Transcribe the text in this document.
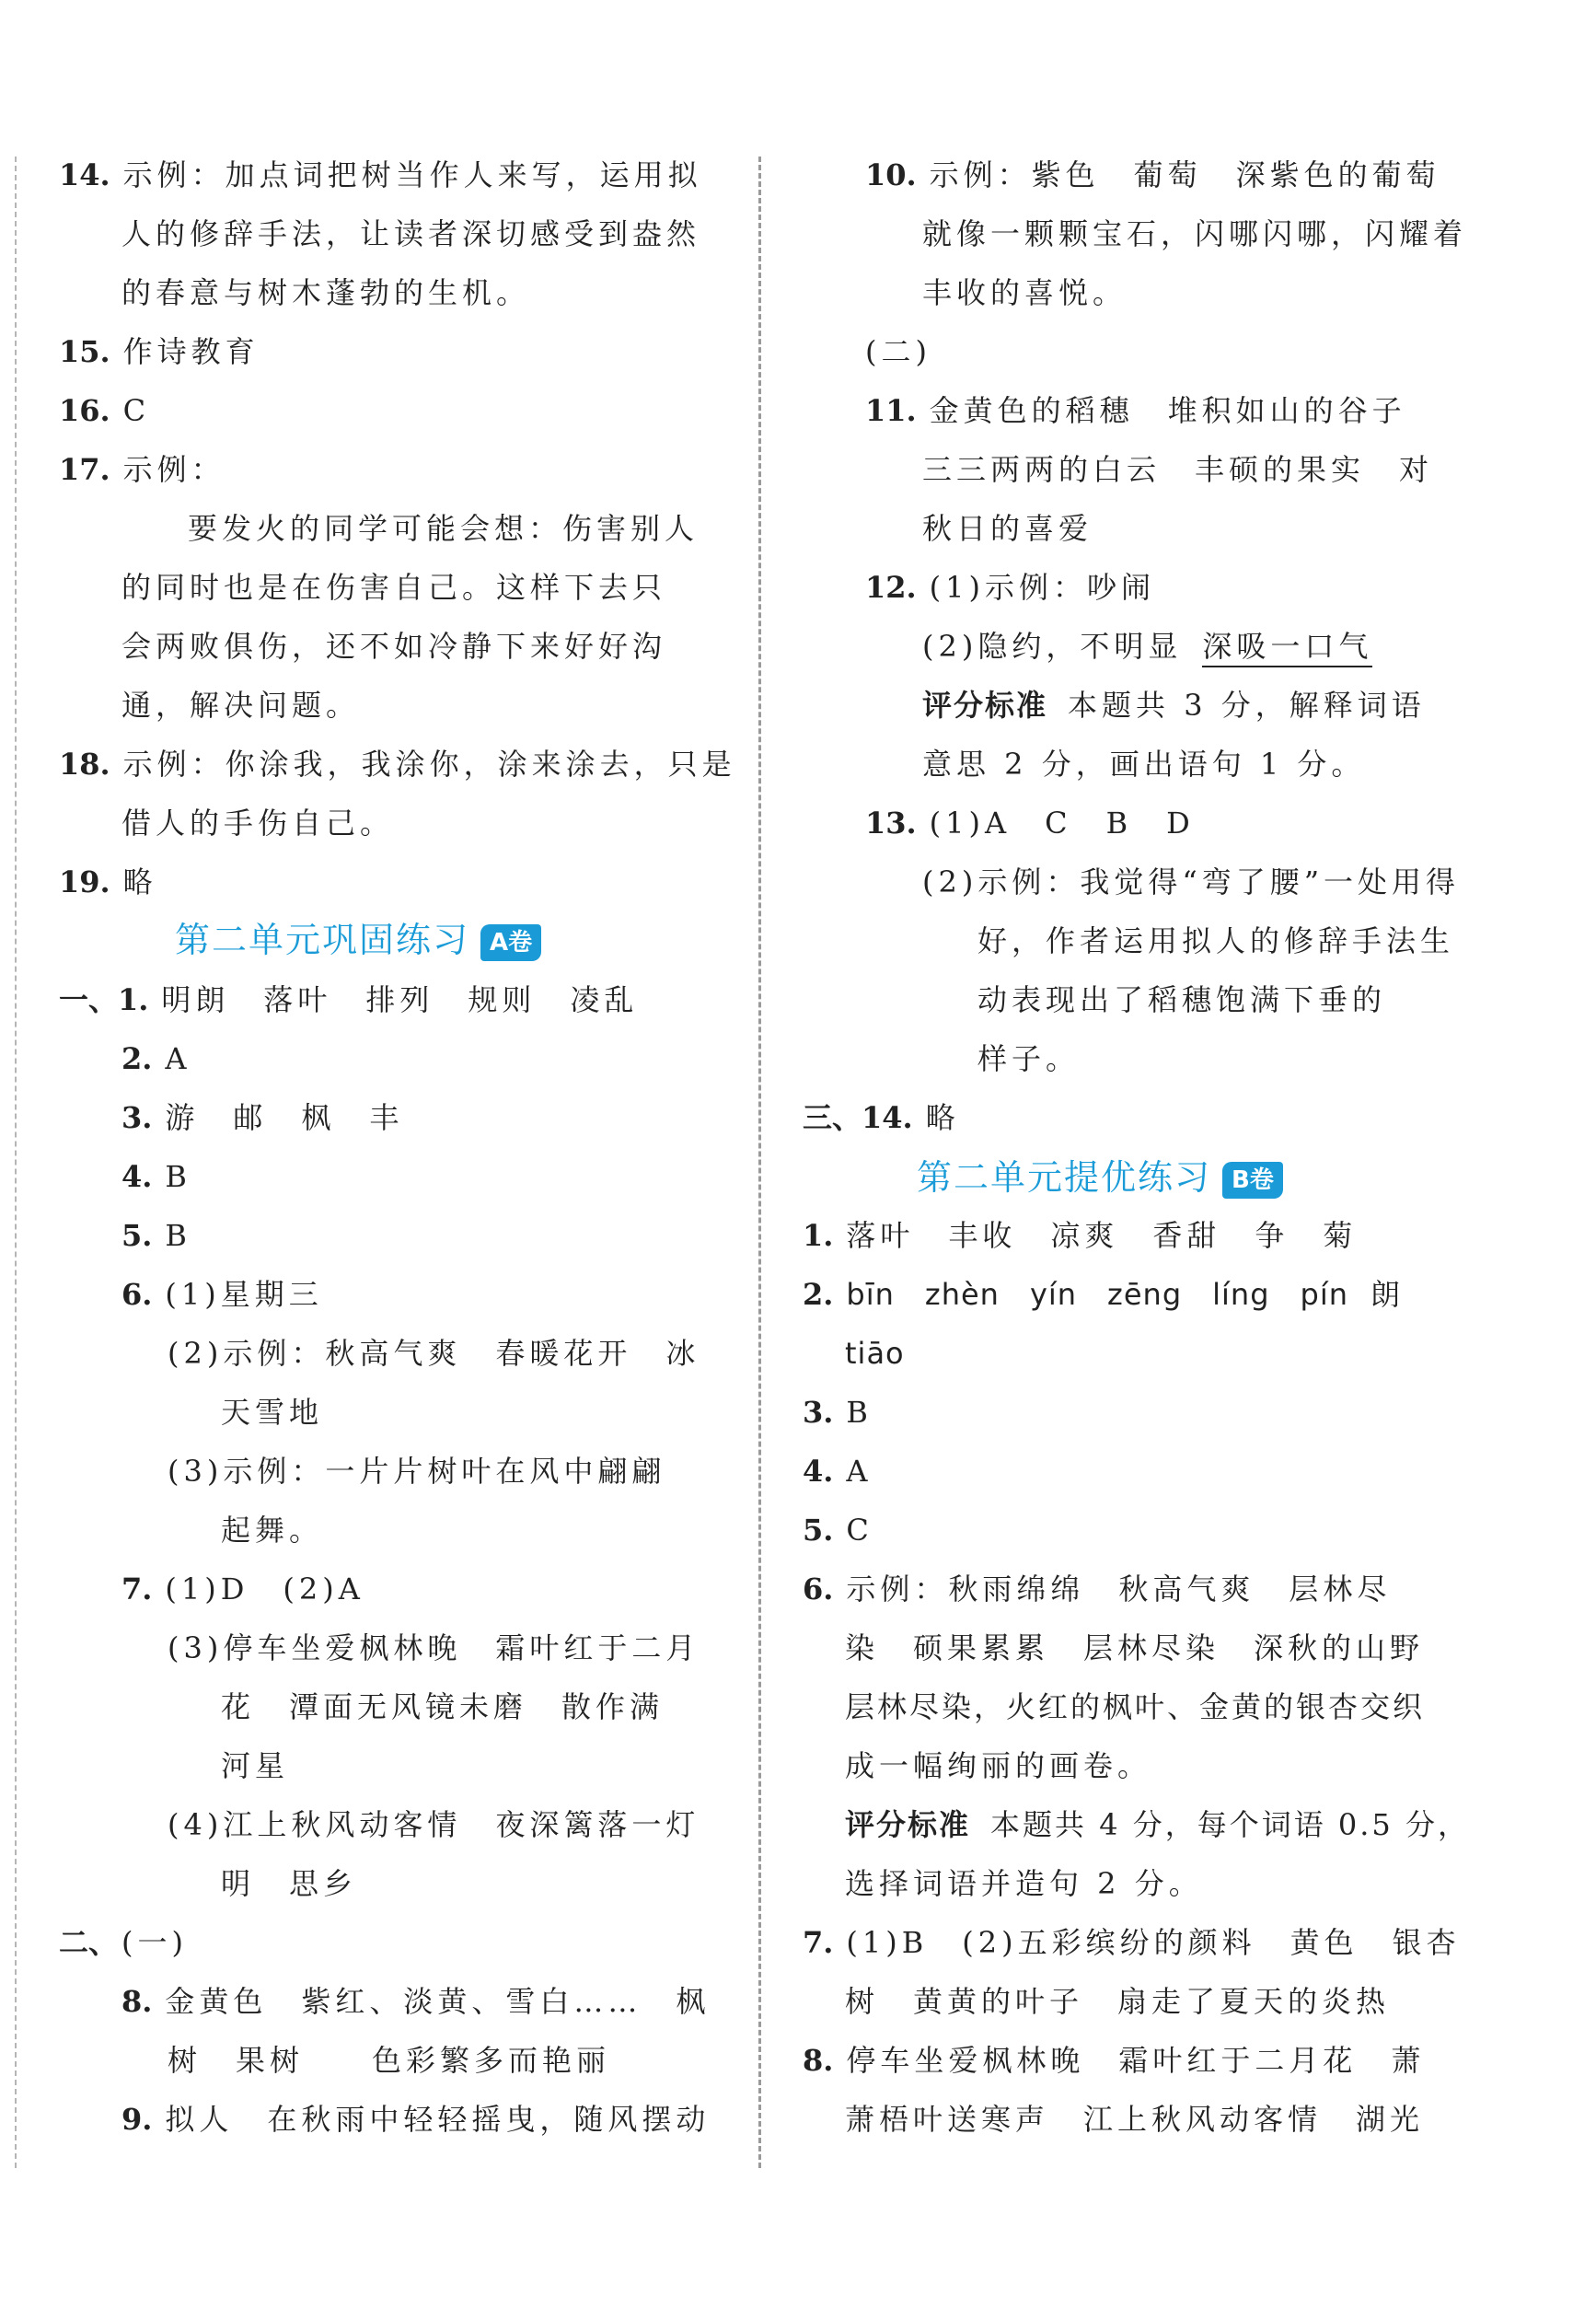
14. 示例：加点词把树当作人来写，运用拟
人的修辞手法，让读者深切感受到盎然
的春意与树木蓬勃的生机。
15. 作诗教育
16. C
17. 示例：
要发火的同学可能会想：伤害别人
的同时也是在伤害自己。这样下去只
会两败俱伤，还不如冷静下来好好沟
通，解决问题。
18. 示例：你涂我，我涂你，涂来涂去，只是
借人的手伤自己。
19. 略
第二单元巩固练习 A卷
一、1. 明朗　落叶　排列　规则　凌乱
2. A
3. 游　邮　枫　丰
4. B
5. B
6. (1)星期三
(2)示例：秋高气爽　春暖花开　冰
天雪地
(3)示例：一片片树叶在风中翩翩
起舞。
7. (1)D　(2)A
(3)停车坐爱枫林晚　霜叶红于二月
花　潭面无风镜未磨　散作满
河星
(4)江上秋风动客情　夜深篱落一灯
明　思乡
二、 (一)
8. 金黄色　紫红、淡黄、雪白……　枫
树　果树　　色彩繁多而艳丽
9. 拟人　在秋雨中轻轻摇曳，随风摆动
10. 示例：紫色　葡萄　深紫色的葡萄
就像一颗颗宝石，闪哪闪哪，闪耀着
丰收的喜悦。
(二)
11. 金黄色的稻穗　堆积如山的谷子
三三两两的白云　丰硕的果实　对
秋日的喜爱
12. (1)示例：吵闹
(2)隐约，不明显 深吸一口气
评分标准 本题共 3 分，解释词语
意思 2 分，画出语句 1 分。
13. (1)A　C　B　D
(2)示例：我觉得“弯了腰”一处用得
好，作者运用拟人的修辞手法生
动表现出了稻穗饱满下垂的
样子。
三、14. 略
第二单元提优练习 B卷
1. 落叶　丰收　凉爽　香甜　争　菊
2. bīn　zhèn　yín　zēng　líng　pín 朗
tiāo
3. B
4. A
5. C
6. 示例：秋雨绵绵　秋高气爽　层林尽
染　硕果累累　层林尽染　深秋的山野
层林尽染，火红的枫叶、金黄的银杏交织
成一幅绚丽的画卷。
评分标准 本题共 4 分，每个词语 0.5 分，
选择词语并造句 2 分。
7. (1)B　(2)五彩缤纷的颜料　黄色　银杏
树　黄黄的叶子　扇走了夏天的炎热
8. 停车坐爱枫林晚　霜叶红于二月花　萧
萧梧叶送寒声　江上秋风动客情　湖光
